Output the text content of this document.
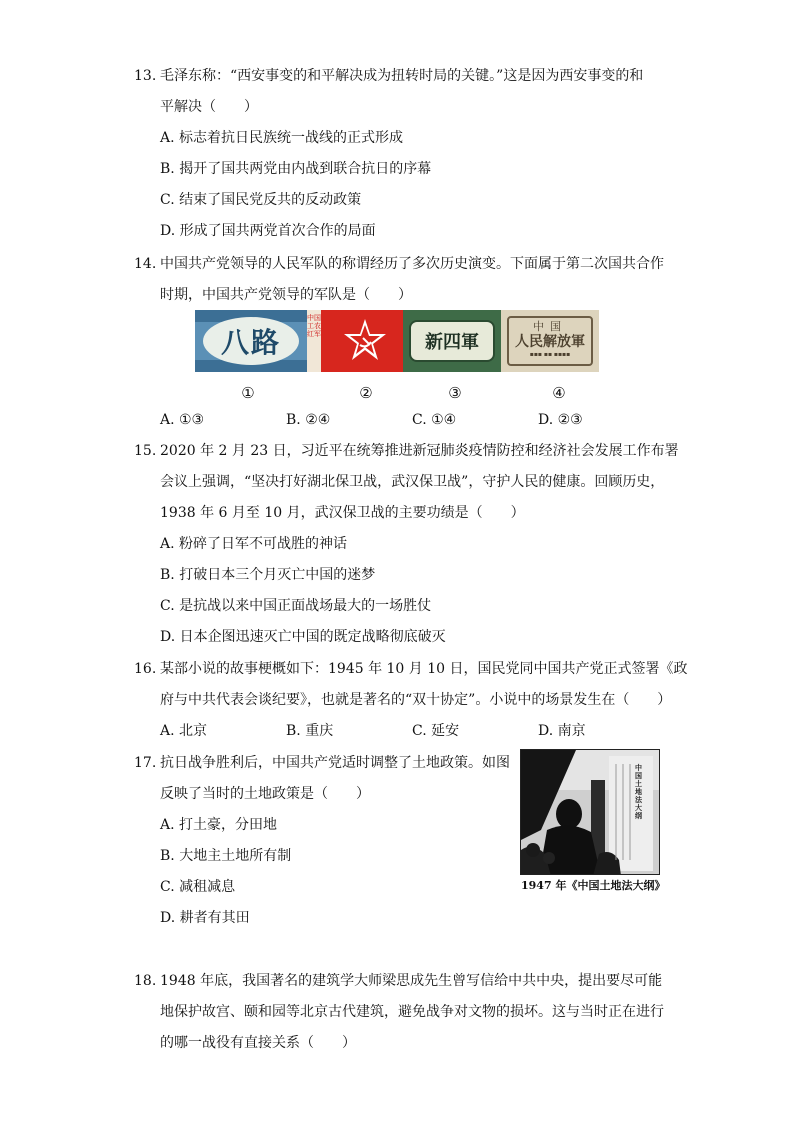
13. 毛泽东称：“西安事变的和平解决成为扭转时局的关键。”这是因为西安事变的和
平解决（　　）
A. 标志着抗日民族统一战线的正式形成
B. 揭开了国共两党由内战到联合抗日的序幕
C. 结束了国民党反共的反动政策
D. 形成了国共两党首次合作的局面
14. 中国共产党领导的人民军队的称谓经历了多次历史演变。下面属于第二次国共合作
时期，中国共产党领导的军队是（　　）
八路
中国工农红军	新四軍
中国
人民解放軍
▪▪▪ ▪▪ ▪▪▪▪
①	②	③	④
A. ①③	B. ②④	C. ①④	D. ②③
15. 2020 年 2 月 23 日，习近平在统筹推进新冠肺炎疫情防控和经济社会发展工作布署
会议上强调，“坚决打好湖北保卫战，武汉保卫战”，守护人民的健康。回顾历史，
1938 年 6 月至 10 月，武汉保卫战的主要功绩是（　　）
A. 粉碎了日军不可战胜的神话
B. 打破日本三个月灭亡中国的迷梦
C. 是抗战以来中国正面战场最大的一场胜仗
D. 日本企图迅速灭亡中国的既定战略彻底破灭
16. 某部小说的故事梗概如下：1945 年 10 月 10 日，国民党同中国共产党正式签署《政
府与中共代表会谈纪要》，也就是著名的“双十协定”。小说中的场景发生在（　　）
A. 北京	B. 重庆	C. 延安	D. 南京
17. 抗日战争胜利后，中国共产党适时调整了土地政策。如图
反映了当时的土地政策是（　　）
A. 打土豪，分田地
B. 大地主土地所有制
C. 减租减息
D. 耕者有其田
中国土地法大纲
1947 年《中国土地法大纲》
18. 1948 年底，我国著名的建筑学大师梁思成先生曾写信给中共中央，提出要尽可能
地保护故宫、颐和园等北京古代建筑，避免战争对文物的损坏。这与当时正在进行
的哪一战役有直接关系（　　）
